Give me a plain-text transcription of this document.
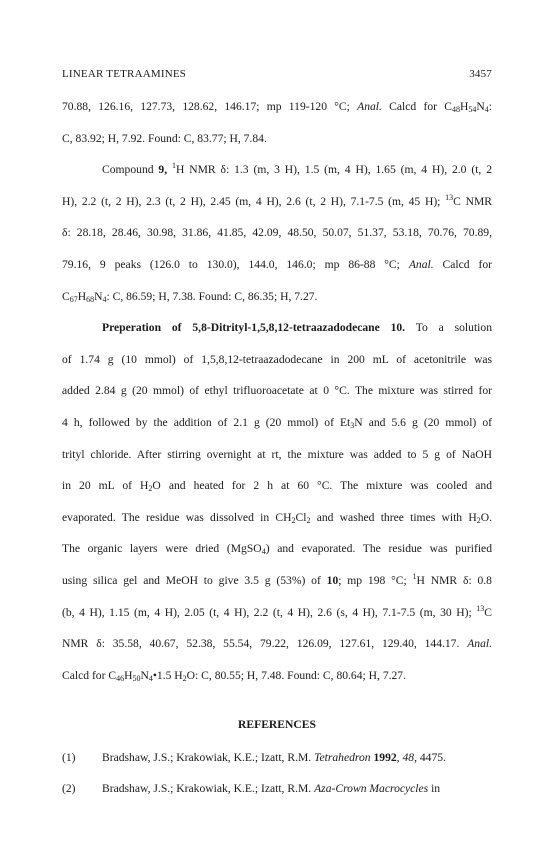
LINEAR TETRAAMINES	3457
70.88, 126.16, 127.73, 128.62, 146.17; mp 119-120 °C; Anal. Calcd for $C_{48}H_{54}N_4$:
C, 83.92; H, 7.92. Found: C, 83.77; H, 7.84.
Compound 9, $^1$H NMR δ: 1.3 (m, 3 H), 1.5 (m, 4 H), 1.65 (m, 4 H), 2.0 (t, 2
H), 2.2 (t, 2 H), 2.3 (t, 2 H), 2.45 (m, 4 H), 2.6 (t, 2 H), 7.1-7.5 (m, 45 H); $^{13}$C NMR
δ: 28.18, 28.46, 30.98, 31.86, 41.85, 42.09, 48.50, 50.07, 51.37, 53.18, 70.76, 70.89,
79.16, 9 peaks (126.0 to 130.0), 144.0, 146.0; mp 86-88 °C; Anal. Calcd for
$C_{67}H_{68}N_4$: C, 86.59; H, 7.38. Found: C, 86.35; H, 7.27.
Preperation of 5,8-Ditrityl-1,5,8,12-tetraazadodecane 10. To a solution
of 1.74 g (10 mmol) of 1,5,8,12-tetraazadodecane in 200 mL of acetonitrile was
added 2.84 g (20 mmol) of ethyl trifluoroacetate at 0 °C. The mixture was stirred for
4 h, followed by the addition of 2.1 g (20 mmol) of $Et_3N$ and 5.6 g (20 mmol) of
trityl chloride. After stirring overnight at rt, the mixture was added to 5 g of NaOH
in 20 mL of $H_2O$ and heated for 2 h at 60 °C. The mixture was cooled and
evaporated. The residue was dissolved in $CH_2Cl_2$ and washed three times with $H_2O$.
The organic layers were dried (MgSO$_4$) and evaporated. The residue was purified
using silica gel and MeOH to give 3.5 g (53%) of 10; mp 198 °C; $^1$H NMR δ: 0.8
(b, 4 H), 1.15 (m, 4 H), 2.05 (t, 4 H), 2.2 (t, 4 H), 2.6 (s, 4 H), 7.1-7.5 (m, 30 H); $^{13}$C
NMR δ: 35.58, 40.67, 52.38, 55.54, 79.22, 126.09, 127.61, 129.40, 144.17. Anal.
Calcd for $C_{46}H_{50}N_4•1.5$ $H_2O$: C, 80.55; H, 7.48. Found: C, 80.64; H, 7.27.
REFERENCES
(1)	Bradshaw, J.S.; Krakowiak, K.E.; Izatt, R.M. Tetrahedron 1992, 48, 4475.
(2)	Bradshaw, J.S.; Krakowiak, K.E.; Izatt, R.M. Aza-Crown Macrocycles in
